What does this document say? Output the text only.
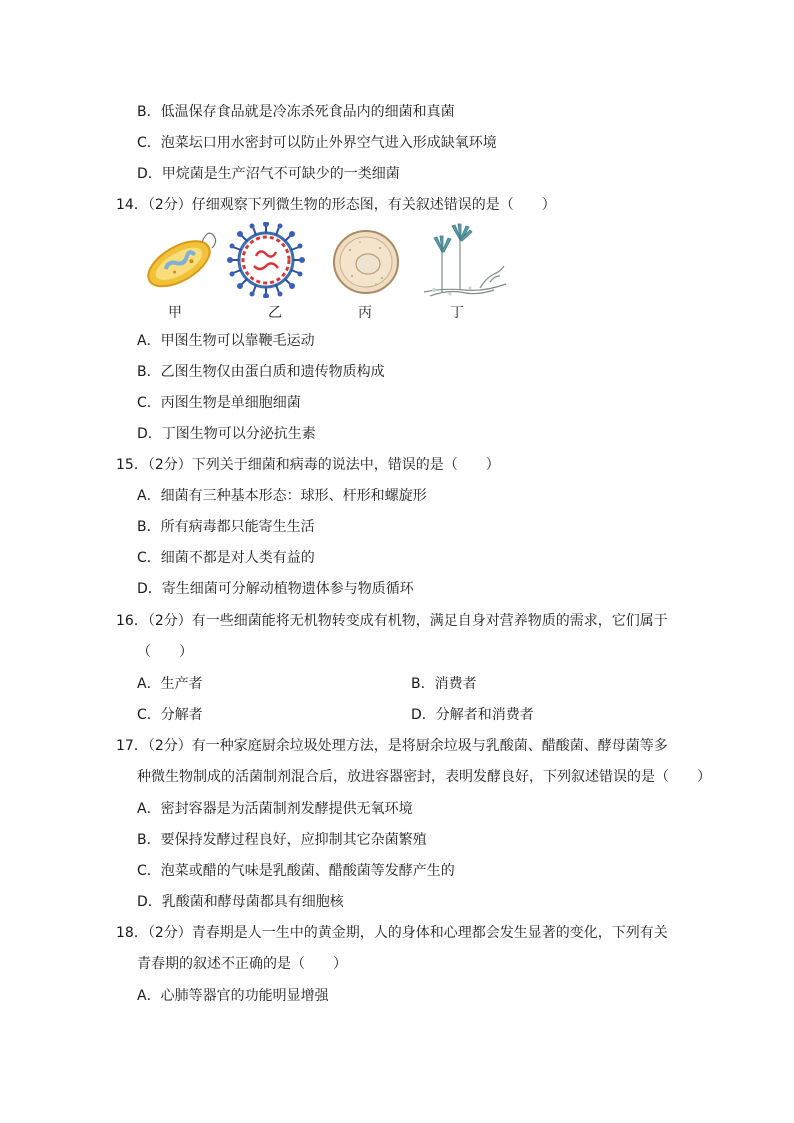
B．低温保存食品就是冷冻杀死食品内的细菌和真菌
C．泡菜坛口用水密封可以防止外界空气进入形成缺氧环境
D．甲烷菌是生产沼气不可缺少的一类细菌
14．（2分）仔细观察下列微生物的形态图，有关叙述错误的是（　　）
甲	乙	丙	丁
A．甲图生物可以靠鞭毛运动
B．乙图生物仅由蛋白质和遗传物质构成
C．丙图生物是单细胞细菌
D．丁图生物可以分泌抗生素
15．（2分）下列关于细菌和病毒的说法中，错误的是（　　）
A．细菌有三种基本形态：球形、杆形和螺旋形
B．所有病毒都只能寄生生活
C．细菌不都是对人类有益的
D．寄生细菌可分解动植物遗体参与物质循环
16．（2分）有一些细菌能将无机物转变成有机物，满足自身对营养物质的需求，它们属于
（　　）
A．生产者	B．消费者
C．分解者	D．分解者和消费者
17．（2分）有一种家庭厨余垃圾处理方法，是将厨余垃圾与乳酸菌、醋酸菌、酵母菌等多
种微生物制成的活菌制剂混合后，放进容器密封，表明发酵良好，下列叙述错误的是（　　）
A．密封容器是为活菌制剂发酵提供无氧环境
B．要保持发酵过程良好，应抑制其它杂菌繁殖
C．泡菜或醋的气味是乳酸菌、醋酸菌等发酵产生的
D．乳酸菌和酵母菌都具有细胞核
18．（2分）青春期是人一生中的黄金期，人的身体和心理都会发生显著的变化，下列有关
青春期的叙述不正确的是（　　）
A．心肺等器官的功能明显增强
